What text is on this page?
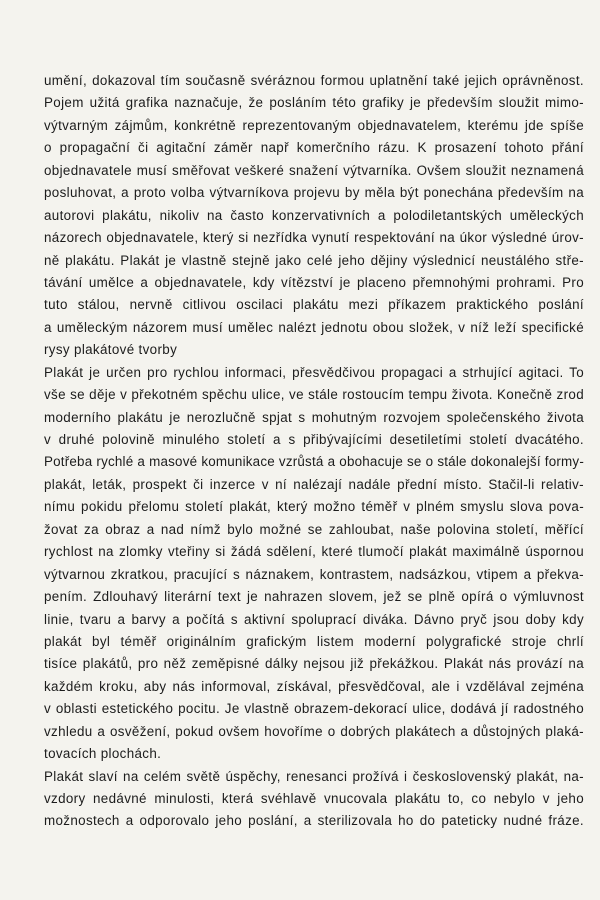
umění, dokazoval tím současně svéráznou formou uplatnění také jejich oprávněnost.
Pojem užitá grafika naznačuje, že posláním této grafiky je především sloužit mimo-
výtvarným zájmům, konkrétně reprezentovaným objednavatelem, kterému jde spíše
o propagační či agitační záměr např komerčního rázu. K prosazení tohoto přání
objednavatele musí směřovat veškeré snažení výtvarníka. Ovšem sloužit neznamená
posluhovat, a proto volba výtvarníkova projevu by měla být ponechána především na
autorovi plakátu, nikoliv na často konzervativních a polodiletantských uměleckých
názorech objednavatele, který si nezřídka vynutí respektování na úkor výsledné úrov-
ně plakátu. Plakát je vlastně stejně jako celé jeho dějiny výslednicí neustálého stře-
távání umělce a objednavatele, kdy vítězství je placeno přemnohými prohrami. Pro
tuto stálou, nervně citlivou oscilaci plakátu mezi příkazem praktického poslání
a uměleckým názorem musí umělec nalézt jednotu obou složek, v níž leží specifické
rysy plakátové tvorby
Plakát je určen pro rychlou informaci, přesvědčivou propagaci a strhující agitaci. To
vše se děje v překotném spěchu ulice, ve stále rostoucím tempu života. Konečně zrod
moderního plakátu je nerozlučně spjat s mohutným rozvojem společenského života
v druhé polovině minulého století a s přibývajícími desetiletími století dvacátého.
Potřeba rychlé a masové komunikace vzrůstá a obohacuje se o stále dokonalejší formy-
plakát, leták, prospekt či inzerce v ní nalézají nadále přední místo. Stačil-li relativ-
nímu pokidu přelomu století plakát, který možno téměř v plném smyslu slova pova-
žovat za obraz a nad nímž bylo možné se zahloubat, naše polovina století, měřící
rychlost na zlomky vteřiny si žádá sdělení, které tlumočí plakát maximálně úspornou
výtvarnou zkratkou, pracující s náznakem, kontrastem, nadsázkou, vtipem a překva-
pením. Zdlouhavý literární text je nahrazen slovem, jež se plně opírá o výmluvnost
linie, tvaru a barvy a počítá s aktivní spoluprací diváka. Dávno pryč jsou doby kdy
plakát byl téměř originálním grafickým listem moderní polygrafické stroje chrlí
tisíce plakátů, pro něž zeměpisné dálky nejsou již překážkou. Plakát nás provází na
každém kroku, aby nás informoval, získával, přesvědčoval, ale i vzdělával zejména
v oblasti estetického pocitu. Je vlastně obrazem-dekorací ulice, dodává jí radostného
vzhledu a osvěžení, pokud ovšem hovoříme o dobrých plakátech a důstojných plaká-
tovacích plochách.
Plakát slaví na celém světě úspěchy, renesanci prožívá i československý plakát, na-
vzdory nedávné minulosti, která svéhlavě vnucovala plakátu to, co nebylo v jeho
možnostech a odporovalo jeho poslání, a sterilizovala ho do pateticky nudné fráze.
